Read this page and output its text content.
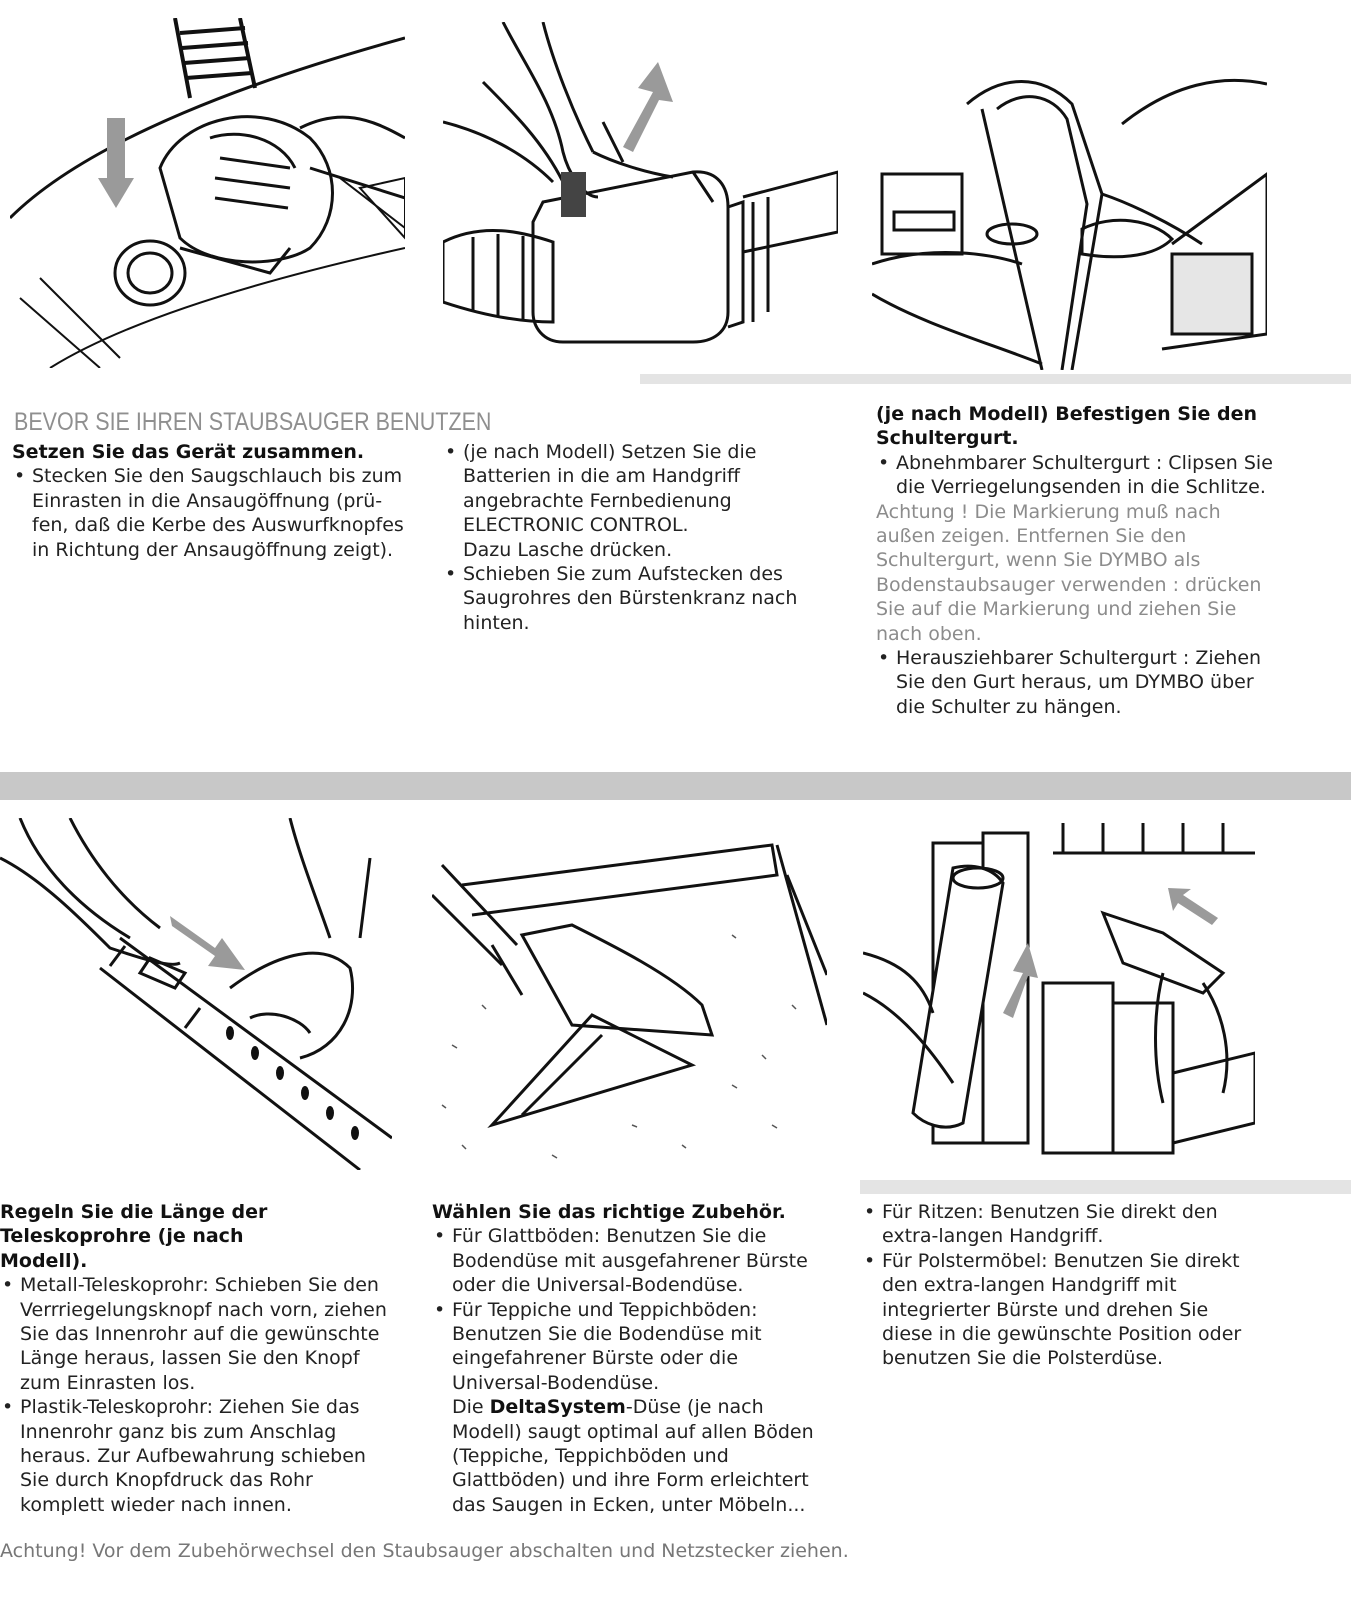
BEVOR SIE IHREN STAUBSAUGER BENUTZEN
Setzen Sie das Gerät zusammen.
• Stecken Sie den Saugschlauch bis zum Einrasten in die Ansaugöffnung (prü-fen, daß die Kerbe des Auswurfknopfes in Richtung der Ansaugöffnung zeigt).
• (je nach Modell) Setzen Sie die Batterien in die am Handgriff angebrachte Fernbedienung ELECTRONIC CONTROL.
Dazu Lasche drücken.
• Schieben Sie zum Aufstecken des Saugrohres den Bürstenkranz nach hinten.
(je nach Modell) Befestigen Sie den Schultergurt.
• Abnehmbarer Schultergurt : Clipsen Sie die Verriegelungsenden in die Schlitze.
Achtung ! Die Markierung muß nach außen zeigen. Entfernen Sie den Schultergurt, wenn Sie DYMBO als Bodenstaubsauger verwenden : drücken Sie auf die Markierung und ziehen Sie nach oben.
• Herausziehbarer Schultergurt : Ziehen Sie den Gurt heraus, um DYMBO über die Schulter zu hängen.
Regeln Sie die Länge der Teleskoprohre (je nach Modell).
• Metall-Teleskoprohr: Schieben Sie den Verrriegelungsknopf nach vorn, ziehen Sie das Innenrohr auf die gewünschte Länge heraus, lassen Sie den Knopf zum Einrasten los.
• Plastik-Teleskoprohr: Ziehen Sie das Innenrohr ganz bis zum Anschlag heraus. Zur Aufbewahrung schieben Sie durch Knopfdruck das Rohr komplett wieder nach innen.
Wählen Sie das richtige Zubehör.
• Für Glattböden: Benutzen Sie die Bodendüse mit ausgefahrener Bürste oder die Universal-Bodendüse.
• Für Teppiche und Teppichböden: Benutzen Sie die Bodendüse mit eingefahrener Bürste oder die Universal-Bodendüse.
Die DeltaSystem-Düse (je nach Modell) saugt optimal auf allen Böden (Teppiche, Teppichböden und Glattböden) und ihre Form erleichtert das Saugen in Ecken, unter Möbeln...
• Für Ritzen: Benutzen Sie direkt den extra-langen Handgriff.
• Für Polstermöbel: Benutzen Sie direkt den extra-langen Handgriff mit integrierter Bürste und drehen Sie diese in die gewünschte Position oder benutzen Sie die Polsterdüse.
Achtung! Vor dem Zubehörwechsel den Staubsauger abschalten und Netzstecker ziehen.
